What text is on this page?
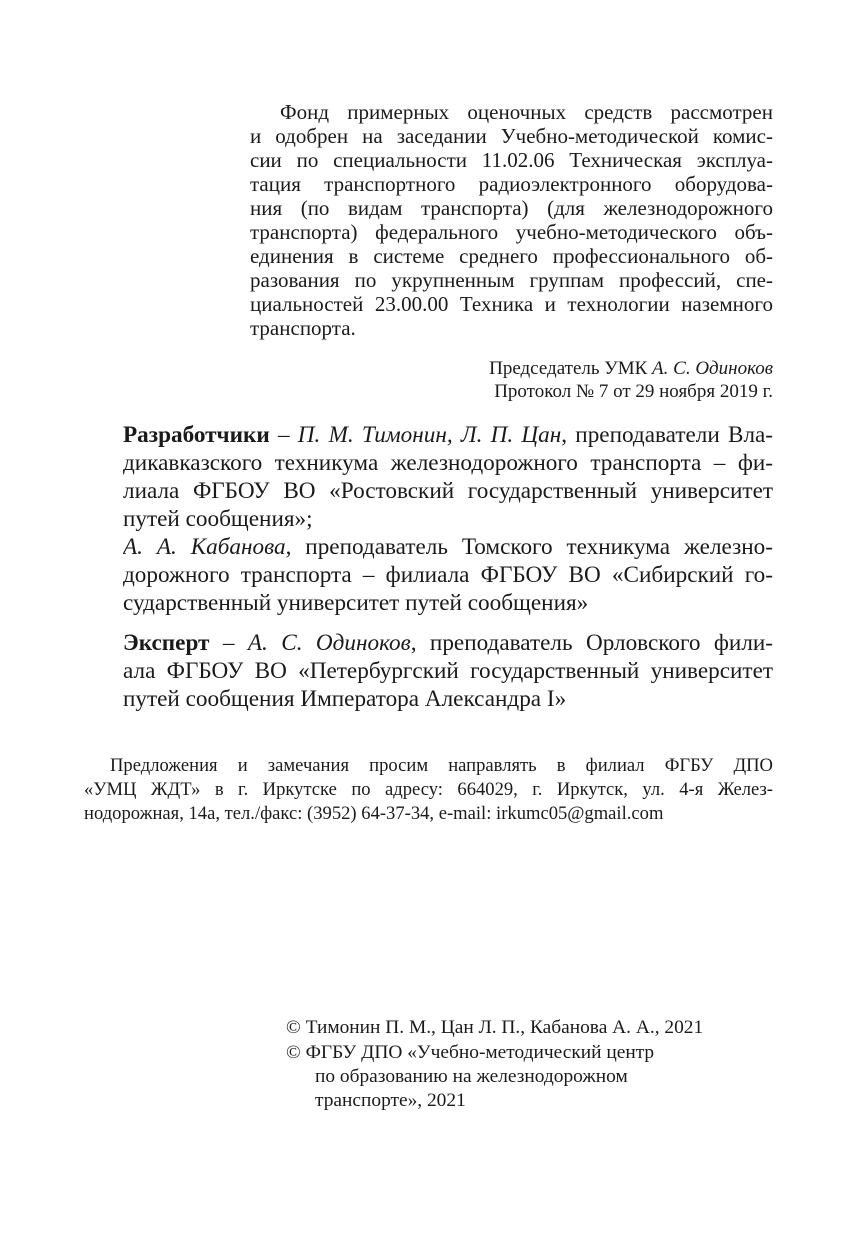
Фонд примерных оценочных средств рассмотрен

и одобрен на заседании Учебно-методической комис-

сии по специальности 11.02.06 Техническая эксплуа-

тация транспортного радиоэлектронного оборудова-

ния (по видам транспорта) (для железнодорожного

транспорта) федерального учебно-методического объ-

единения в системе среднего профессионального об-

разования по укрупненным группам профессий, спе-

циальностей 23.00.00 Техника и технологии наземного

транспорта.

Председатель УМК А. С. Одиноков

Протокол № 7 от 29 ноября 2019 г.

Разработчики – П. М. Тимонин, Л. П. Цан, преподаватели Вла-

дикавказского техникума железнодорожного транспорта – фи-

лиала ФГБОУ ВО «Ростовский государственный университет

путей сообщения»;

А. А. Кабанова, преподаватель Томского техникума железно-

дорожного транспорта – филиала ФГБОУ ВО «Сибирский го-

сударственный университет путей сообщения»

Эксперт – А. С. Одиноков, преподаватель Орловского фили-

ала ФГБОУ ВО «Петербургский государственный университет

путей сообщения Императора Александра I»

Предложения и замечания просим направлять в филиал ФГБУ ДПО

«УМЦ ЖДТ» в г. Иркутске по адресу: 664029, г. Иркутск, ул. 4-я Желез-

нодорожная, 14а, тел./факс: (3952) 64-37-34, e-mail: irkumc05@gmail.com

© Тимонин П. М., Цан Л. П., Кабанова А. А., 2021

© ФГБУ ДПО «Учебно-методический центр

по образованию на железнодорожном

транспорте», 2021
